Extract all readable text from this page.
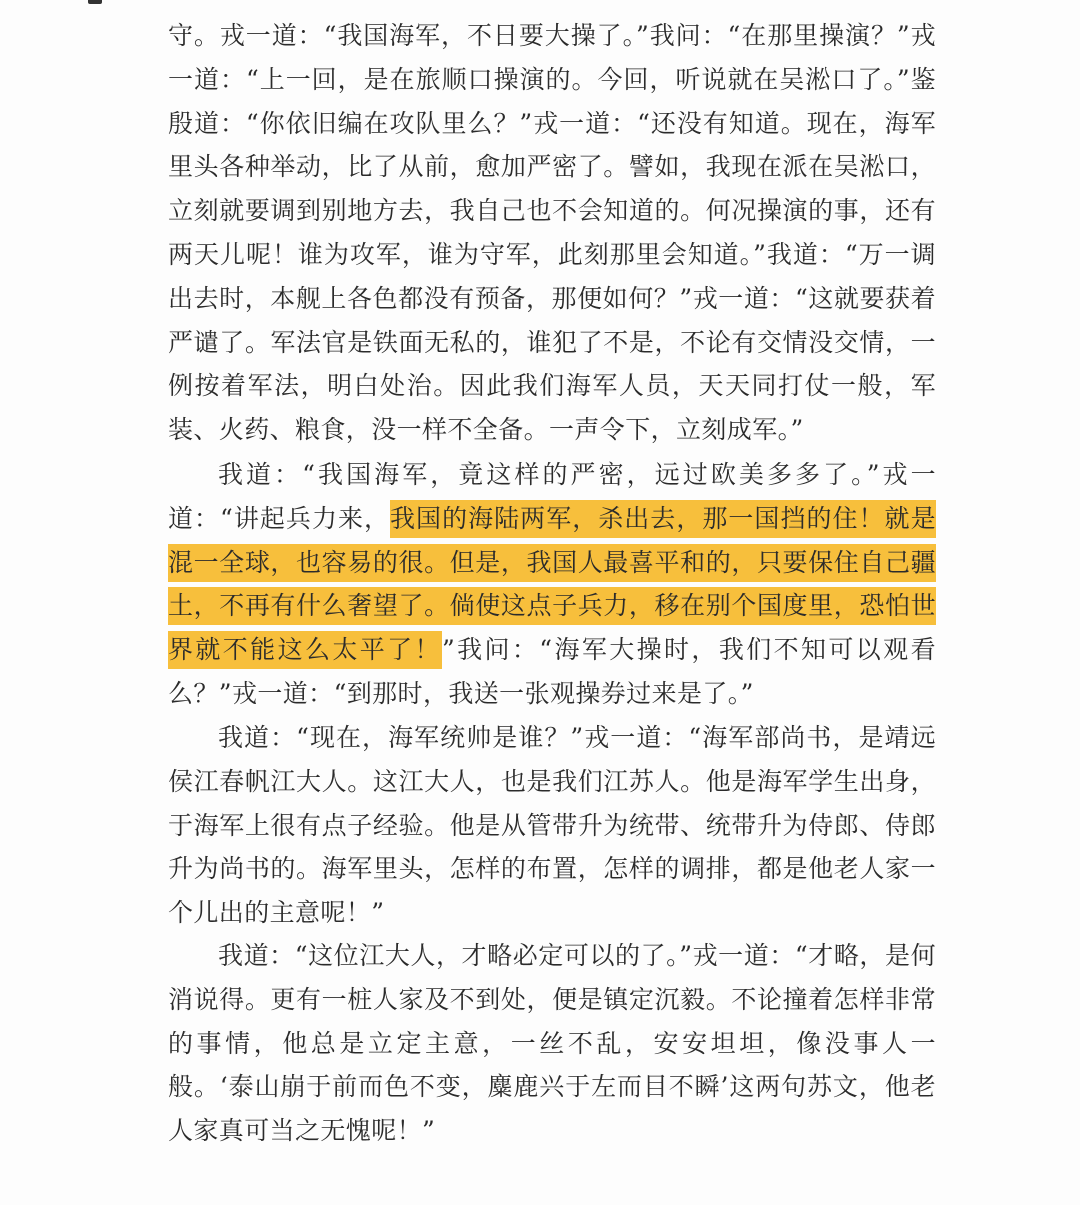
守。戎一道：“我国海军，不日要大操了。”我问：“在那里操演？”戎一道：“上一回，是在旅顺口操演的。今回，听说就在吴淞口了。”鉴殷道：“你依旧编在攻队里么？”戎一道：“还没有知道。现在，海军里头各种举动，比了从前，愈加严密了。譬如，我现在派在吴淞口，立刻就要调到别地方去，我自己也不会知道的。何况操演的事，还有两天儿呢！谁为攻军，谁为守军，此刻那里会知道。”我道：“万一调出去时，本舰上各色都没有预备，那便如何？”戎一道：“这就要获着严谴了。军法官是铁面无私的，谁犯了不是，不论有交情没交情，一例按着军法，明白处治。因此我们海军人员，天天同打仗一般，军装、火药、粮食，没一样不全备。一声令下，立刻成军。”

我道：“我国海军，竟这样的严密，远过欧美多多了。”戎一道：“讲起兵力来，我国的海陆两军，杀出去，那一国挡的住！就是混一全球，也容易的很。但是，我国人最喜平和的，只要保住自己疆土，不再有什么奢望了。倘使这点子兵力，移在别个国度里，恐怕世界就不能这么太平了！”我问：“海军大操时，我们不知可以观看么？”戎一道：“到那时，我送一张观操券过来是了。”

我道：“现在，海军统帅是谁？”戎一道：“海军部尚书，是靖远侯江春帆江大人。这江大人，也是我们江苏人。他是海军学生出身，于海军上很有点子经验。他是从管带升为统带、统带升为侍郎、侍郎升为尚书的。海军里头，怎样的布置，怎样的调排，都是他老人家一个儿出的主意呢！”

我道：“这位江大人，才略必定可以的了。”戎一道：“才略，是何消说得。更有一桩人家及不到处，便是镇定沉毅。不论撞着怎样非常的事情，他总是立定主意，一丝不乱，安安坦坦，像没事人一般。‘泰山崩于前而色不变，麋鹿兴于左而目不瞬’这两句苏文，他老人家真可当之无愧呢！”
